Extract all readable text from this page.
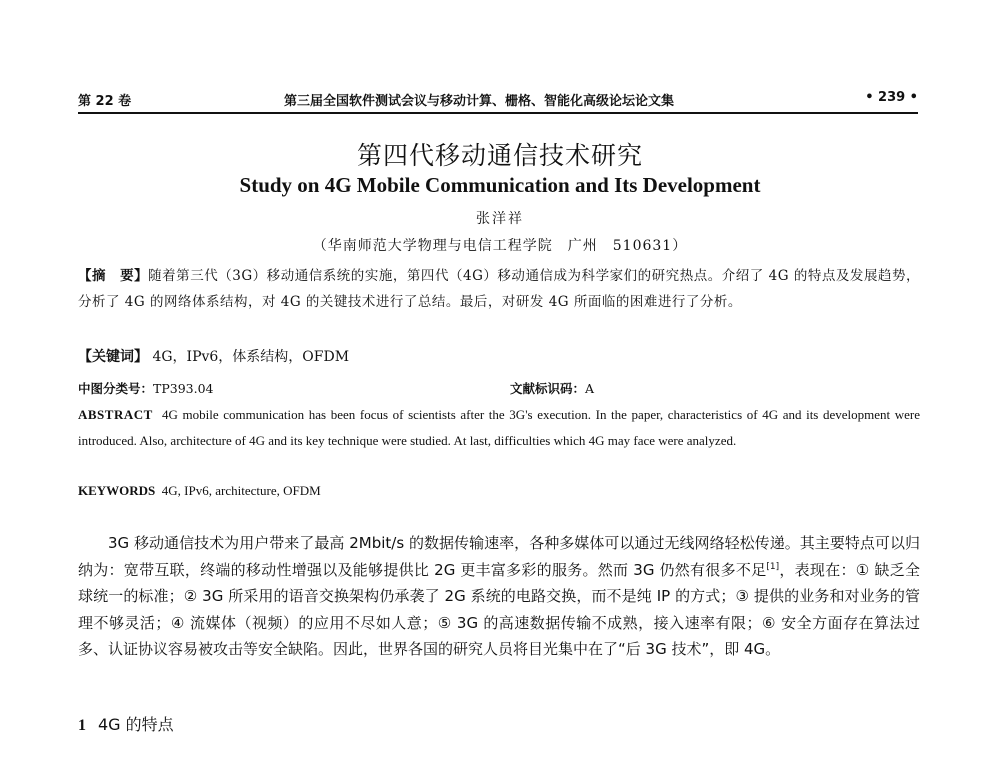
第 22 卷	第三届全国软件测试会议与移动计算、栅格、智能化高级论坛论文集	• 239 •
第四代移动通信技术研究
Study on 4G Mobile Communication and Its Development
张洋祥
（华南师范大学物理与电信工程学院　广州　510631）
【摘　要】随着第三代（3G）移动通信系统的实施，第四代（4G）移动通信成为科学家们的研究热点。介绍了 4G 的特点及发展趋势，分析了 4G 的网络体系结构，对 4G 的关键技术进行了总结。最后，对研发 4G 所面临的困难进行了分析。
【关键词】 4G，IPv6，体系结构，OFDM
中图分类号：TP393.04	文献标识码：A
ABSTRACT 4G mobile communication has been focus of scientists after the 3G's execution. In the paper, characteristics of 4G and its development were introduced. Also, architecture of 4G and its key technique were studied. At last, difficulties which 4G may face were analyzed.
KEYWORDS 4G, IPv6, architecture, OFDM
3G 移动通信技术为用户带来了最高 2Mbit/s 的数据传输速率，各种多媒体可以通过无线网络轻松传递。其主要特点可以归纳为：宽带互联，终端的移动性增强以及能够提供比 2G 更丰富多彩的服务。然而 3G 仍然有很多不足[1]，表现在：① 缺乏全球统一的标准；② 3G 所采用的语音交换架构仍承袭了 2G 系统的电路交换，而不是纯 IP 的方式；③ 提供的业务和对业务的管理不够灵活；④ 流媒体（视频）的应用不尽如人意；⑤ 3G 的高速数据传输不成熟，接入速率有限；⑥ 安全方面存在算法过多、认证协议容易被攻击等安全缺陷。因此，世界各国的研究人员将目光集中在了“后 3G 技术”，即 4G。
1 4G 的特点
